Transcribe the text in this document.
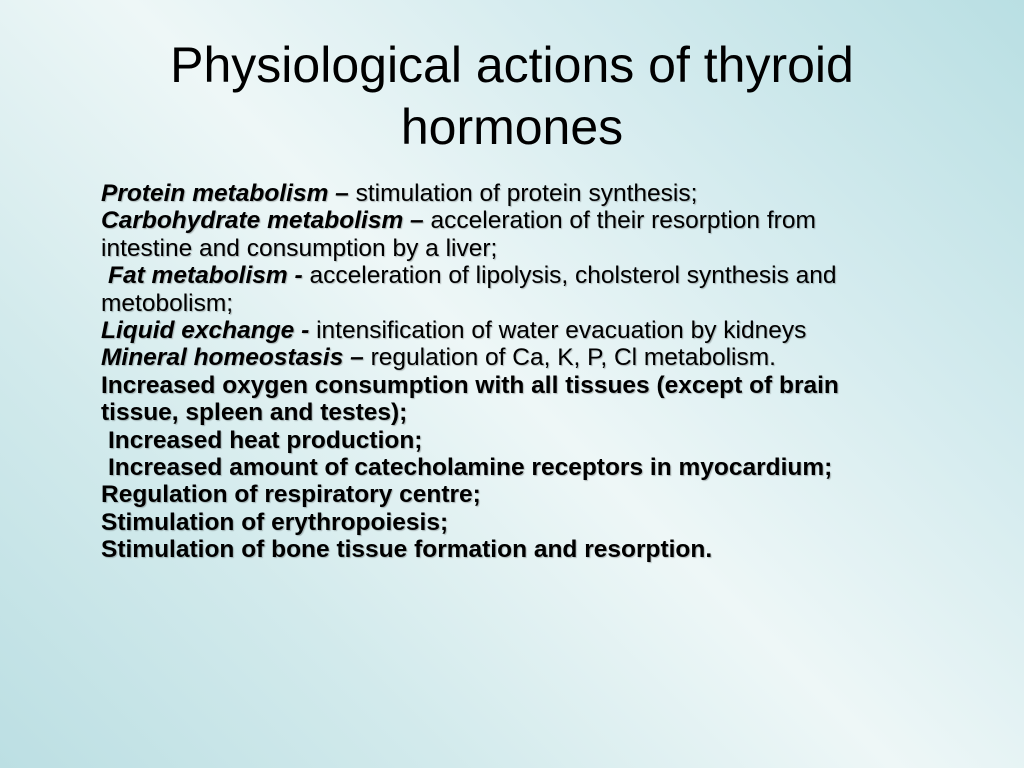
Physiological actions of thyroid
hormones
Protein metabolism – stimulation of protein synthesis;
Carbohydrate metabolism – acceleration of their resorption from
intestine and consumption by a liver;
Fat metabolism - acceleration of lipolysis, cholsterol synthesis and
metobolism;
Liquid exchange - intensification of water evacuation by kidneys
Mineral homeostasis – regulation of Ca, K, P, Cl metabolism.
Increased oxygen consumption with all tissues (except of brain
tissue, spleen and testes);
Increased heat production;
Increased amount of catecholamine receptors in myocardium;
Regulation of respiratory centre;
Stimulation of erythropoiesis;
Stimulation of bone tissue formation and resorption.
